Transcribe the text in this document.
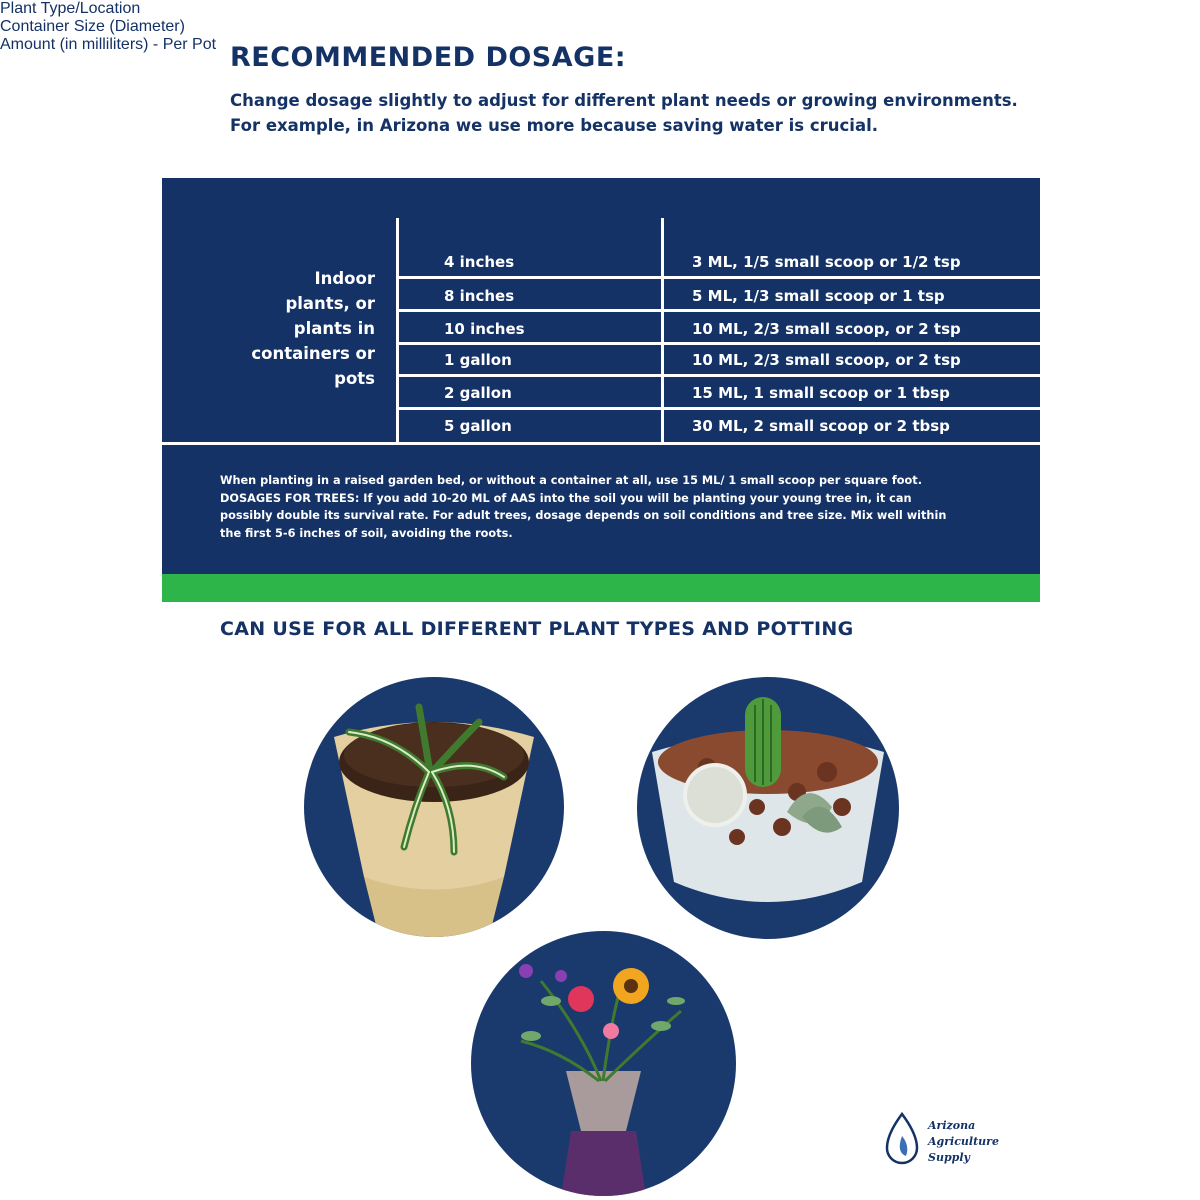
RECOMMENDED DOSAGE:

Change dosage slightly to adjust for different plant needs or growing environments.
For example, in Arizona we use more because saving water is crucial.

Plant Type/Location
Container Size (Diameter)
Amount (in milliliters) - Per Pot
Indoor
plants, or
plants in
containers or
pots
4 inches	3 ML, 1/5 small scoop or 1/2 tsp
8 inches	5 ML, 1/3 small scoop or 1 tsp
10 inches	10 ML, 2/3 small scoop, or 2 tsp
1 gallon	10 ML, 2/3 small scoop, or 2 tsp
2 gallon	15 ML, 1 small scoop or 1 tbsp
5 gallon	30 ML, 2 small scoop or 2 tbsp

When planting in a raised garden bed, or without a container at all, use 15 ML/ 1 small scoop per square foot.
DOSAGES FOR TREES: If you add 10-20 ML of AAS into the soil you will be planting your young tree in, it can
possibly double its survival rate. For adult trees, dosage depends on soil conditions and tree size. Mix well within
the first 5-6 inches of soil, avoiding the roots.

CAN USE FOR ALL DIFFERENT PLANT TYPES AND POTTING
Arizona
Agriculture
Supply
